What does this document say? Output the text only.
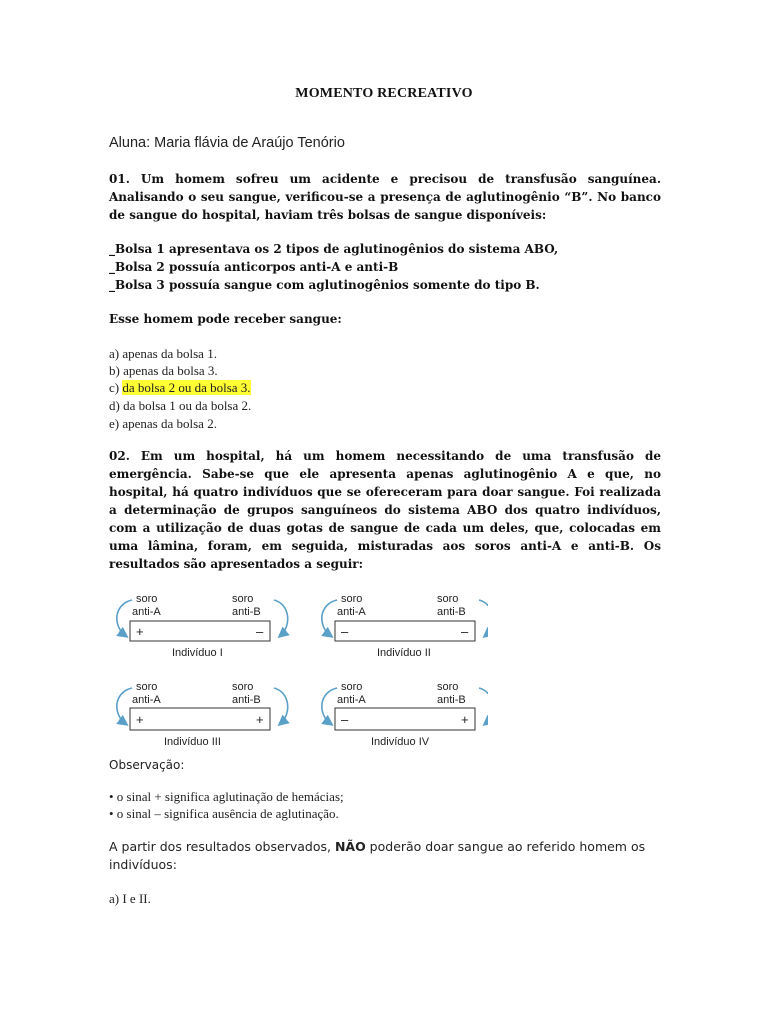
MOMENTO RECREATIVO
Aluna: Maria flávia de Araújo Tenório
01. Um homem sofreu um acidente e precisou de transfusão sanguínea. Analisando o seu sangue, verificou-se a presença de aglutinogênio “B”. No banco de sangue do hospital, haviam três bolsas de sangue disponíveis:
_Bolsa 1 apresentava os 2 tipos de aglutinogênios do sistema ABO,
_Bolsa 2 possuía anticorpos anti-A e anti-B
_Bolsa 3 possuía sangue com aglutinogênios somente do tipo B.
Esse homem pode receber sangue:
a) apenas da bolsa 1.
b) apenas da bolsa 3.
c) da bolsa 2 ou da bolsa 3.
d) da bolsa 1 ou da bolsa 2.
e) apenas da bolsa 2.
02. Em um hospital, há um homem necessitando de uma transfusão de emergência. Sabe-se que ele apresenta apenas aglutinogênio A e que, no hospital, há quatro indivíduos que se ofereceram para doar sangue. Foi realizada a determinação de grupos sanguíneos do sistema ABO dos quatro indivíduos, com a utilização de duas gotas de sangue de cada um deles, que, colocadas em uma lâmina, foram, em seguida, misturadas aos soros anti-A e anti-B. Os resultados são apresentados a seguir:
soro
anti-A
soro
anti-B
+	–
Indivíduo I
soro
anti-A
soro
anti-B
–	–
Indivíduo II
soro
anti-A
soro
anti-B
+	+
Indivíduo III
soro
anti-A
soro
anti-B
–	+
Indivíduo IV
Observação:
• o sinal + significa aglutinação de hemácias;
• o sinal – significa ausência de aglutinação.
A partir dos resultados observados, NÃO poderão doar sangue ao referido homem os indivíduos:
a) I e II.
